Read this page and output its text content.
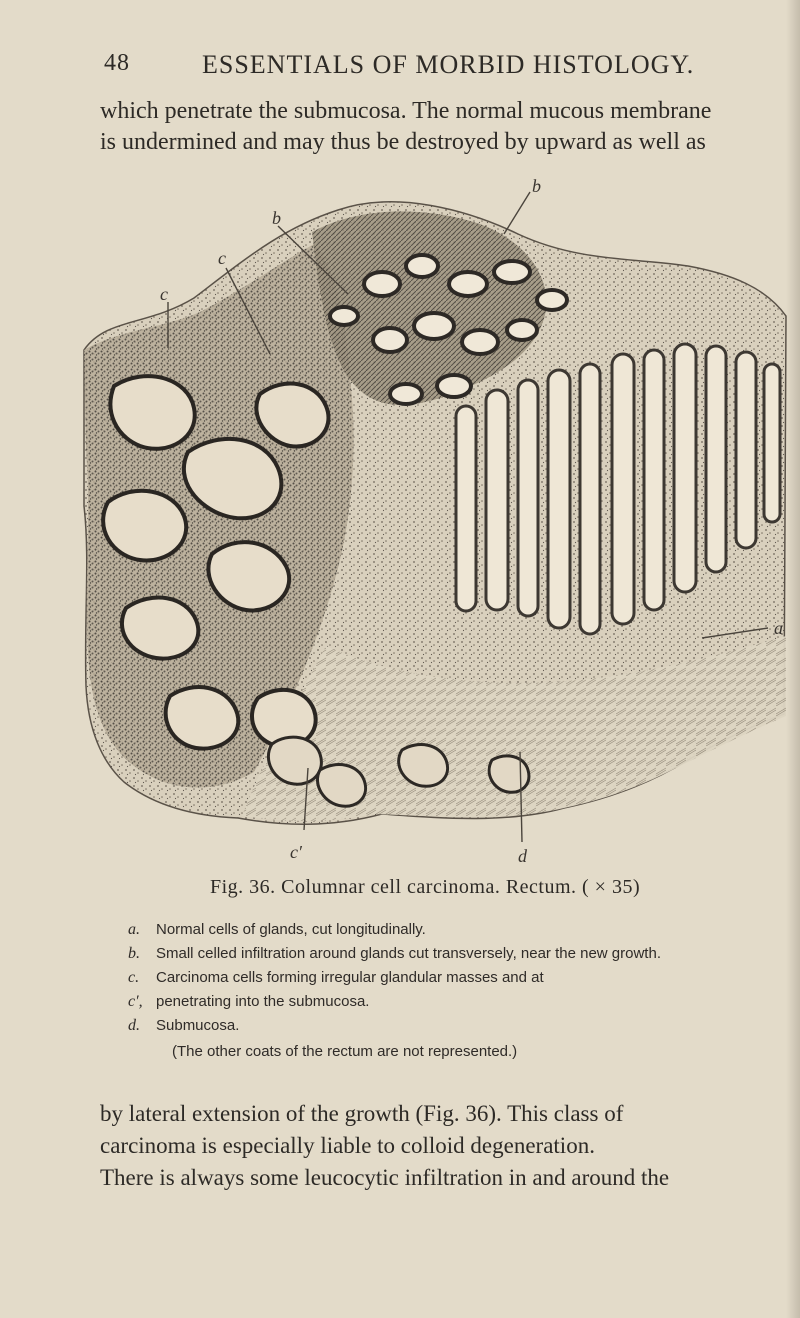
48	ESSENTIALS OF MORBID HISTOLOGY.
which penetrate the submucosa. The normal mucous membrane
is undermined and may thus be destroyed by upward as well as
b
b
c
c
a
c′	d
Fig. 36. Columnar cell carcinoma. Rectum. ( × 35)
a.	Normal cells of glands, cut longitudinally.
b.	Small celled infiltration around glands cut transversely, near the new growth.
c.	Carcinoma cells forming irregular glandular masses and at
c′, penetrating into the submucosa.
d.	Submucosa.
(The other coats of the rectum are not represented.)
by lateral extension of the growth (Fig. 36). This class of
carcinoma is especially liable to colloid degeneration.
There is always some leucocytic infiltration in and around the
